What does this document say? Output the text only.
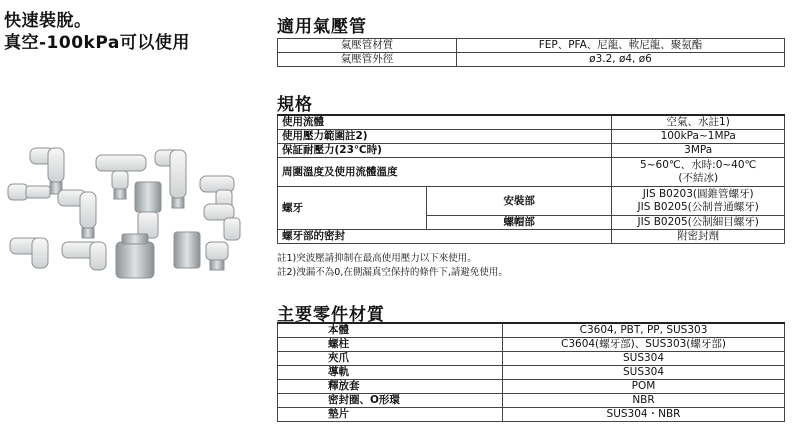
快速裝脫。
真空-100kPa可以使用
適用氣壓管
氣壓管材質	FEP、PFA、尼龍、軟尼龍、聚氨酯
氣壓管外徑	ø3.2, ø4, ø6
規格
使用流體		空氣、水註1)
使用壓力範圍註2)		100kPa~1MPa
保証耐壓力(23℃時)		3MPa
周圍溫度及使用流體溫度		5~60℃、水時:0~40℃
(不結冰)

螺牙	安裝部	JIS B0203(圓錐管螺牙)
JIS B0205(公制普通螺牙)

	螺帽部	JIS B0205(公制細目螺牙)
螺牙部的密封		附密封劑
註1)突波壓請抑制在最高使用壓力以下來使用。
註2)洩漏不為0,在側漏真空保持的條件下,請避免使用。
主要零件材質
本體	C3604, PBT, PP, SUS303
螺柱	C3604(螺牙部)、SUS303(螺牙部)
夾爪	SUS304
導軌	SUS304
釋放套	POM
密封圈、O形環	NBR
墊片	SUS304・NBR
